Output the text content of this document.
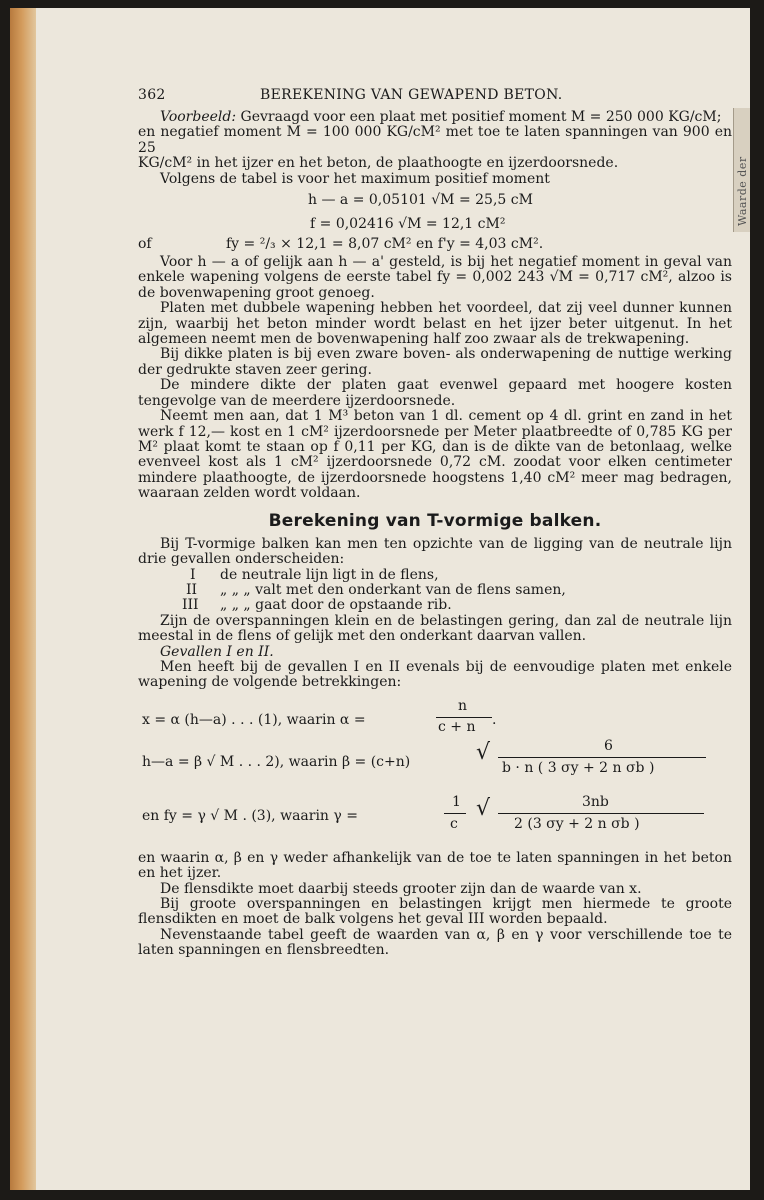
Waarde der
362	BEREKENING VAN GEWAPEND BETON.

Voorbeeld: Gevraagd voor een plaat met positief moment M = 250 000 KG/cM;

en negatief moment M = 100 000 KG/cM² met toe te laten spanningen van 900 en 25

KG/cM² in het ijzer en het beton, de plaathoogte en ijzerdoorsnede.

Volgens de tabel is voor het maximum positief moment

h — a = 0,05101 √M = 25,5 cM
f = 0,02416 √M = 12,1 cM²
of	fy = ²/₃ × 12,1 = 8,07 cM² en f'y = 4,03 cM².

Voor h — a of gelijk aan h — a' gesteld, is bij het negatief moment in geval van enkele wapening volgens de eerste tabel fy = 0,002 243 √M = 0,717 cM², alzoo is de bovenwapening groot genoeg.

Platen met dubbele wapening hebben het voordeel, dat zij veel dunner kunnen zijn, waarbij het beton minder wordt belast en het ijzer beter uitgenut. In het algemeen neemt men de bovenwapening half zoo zwaar als de trekwapening.

Bij dikke platen is bij even zware boven- als onderwapening de nuttige werking der gedrukte staven zeer gering.

De mindere dikte der platen gaat evenwel gepaard met hoogere kosten tengevolge van de meerdere ijzerdoorsnede.

Neemt men aan, dat 1 M³ beton van 1 dl. cement op 4 dl. grint en zand in het werk f 12,— kost en 1 cM² ijzerdoorsnede per Meter plaatbreedte of 0,785 KG per M² plaat komt te staan op f 0,11 per KG, dan is de dikte van de betonlaag, welke evenveel kost als 1 cM² ijzerdoorsnede 0,72 cM. zoodat voor elken centimeter mindere plaathoogte, de ijzerdoorsnede hoogstens 1,40 cM² meer mag bedragen, waaraan zelden wordt voldaan.

Berekening van T-vormige balken.

Bij T-vormige balken kan men ten opzichte van de ligging van de neutrale lijn drie gevallen onderscheiden:

I de neutrale lijn ligt in de flens,
II „ „ „ valt met den onderkant van de flens samen,
III „ „ „ gaat door de opstaande rib.

Zijn de overspanningen klein en de belastingen gering, dan zal de neutrale lijn meestal in de flens of gelijk met den onderkant daarvan vallen.

Gevallen I en II.

Men heeft bij de gevallen I en II evenals bij de eenvoudige platen met enkele wapening de volgende betrekkingen:

x = α (h—a) . . . (1), waarin α =
n
c + n .
h—a = β √ M . . . 2), waarin β = (c+n)	√	6
b · n ( 3 σy + 2 n σb )
en fy = γ √ M . (3), waarin γ =
1
c
√	3nb
2 (3 σy + 2 n σb )

en waarin α, β en γ weder afhankelijk van de toe te laten spanningen in het beton en het ijzer.

De flensdikte moet daarbij steeds grooter zijn dan de waarde van x.

Bij groote overspanningen en belastingen krijgt men hiermede te groote flensdikten en moet de balk volgens het geval III worden bepaald.

Nevenstaande tabel geeft de waarden van α, β en γ voor verschillende toe te laten spanningen en flensbreedten.
